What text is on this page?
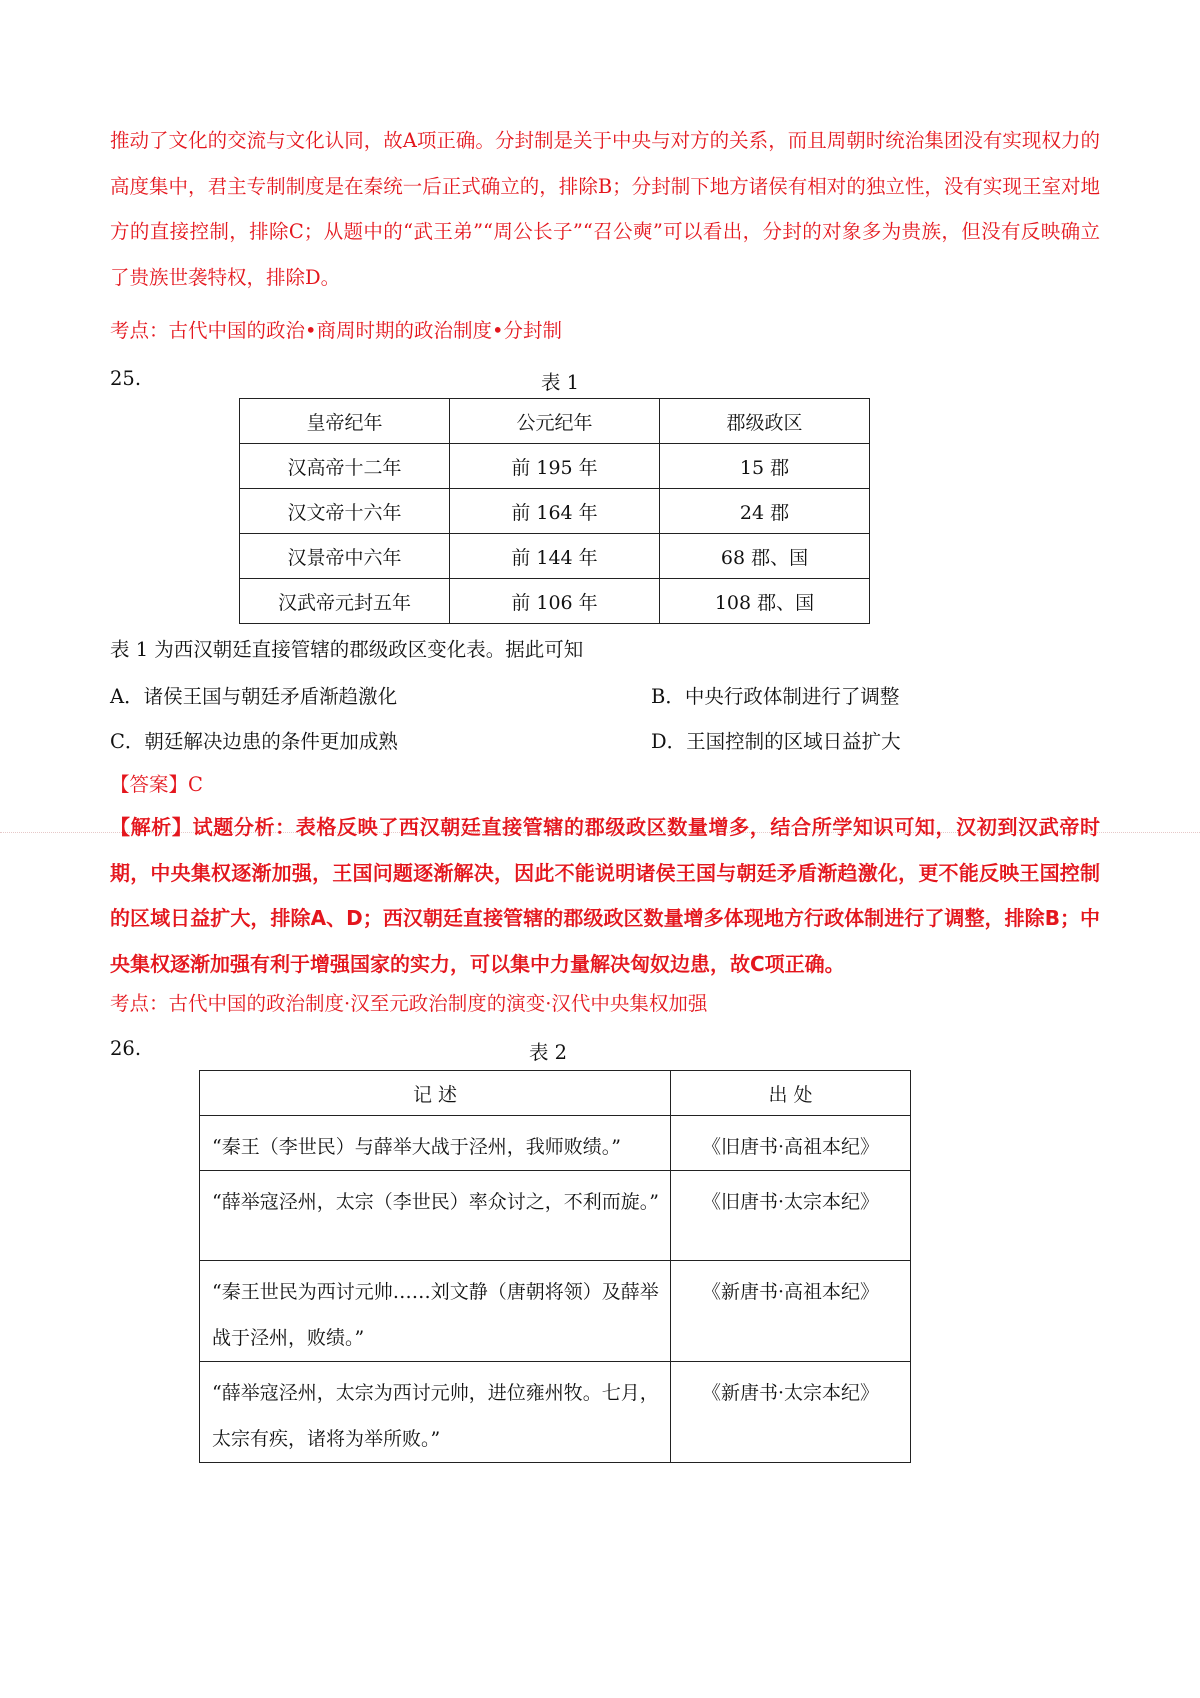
推动了文化的交流与文化认同，故A项正确。分封制是关于中央与对方的关系，而且周朝时统治集团没有实现权力的高度集中，君主专制制度是在秦统一后正式确立的，排除B；分封制下地方诸侯有相对的独立性，没有实现王室对地方的直接控制，排除C；从题中的“武王弟”“周公长子”“召公奭”可以看出，分封的对象多为贵族，但没有反映确立了贵族世袭特权，排除D。

考点：古代中国的政治•商周时期的政治制度•分封制
25.	表 1
皇帝纪年	公元纪年	郡级政区
汉高帝十二年	前 195 年	15 郡
汉文帝十六年	前 164 年	24 郡
汉景帝中六年	前 144 年	68 郡、国
汉武帝元封五年	前 106 年	108 郡、国
表 1 为西汉朝廷直接管辖的郡级政区变化表。据此可知
A．诸侯王国与朝廷矛盾渐趋激化	B．中央行政体制进行了调整
C．朝廷解决边患的条件更加成熟	D．王国控制的区域日益扩大
【答案】C

【解析】试题分析：表格反映了西汉朝廷直接管辖的郡级政区数量增多，结合所学知识可知，汉初到汉武帝时期，中央集权逐渐加强，王国问题逐渐解决，因此不能说明诸侯王国与朝廷矛盾渐趋激化，更不能反映王国控制的区域日益扩大，排除A、D；西汉朝廷直接管辖的郡级政区数量增多体现地方行政体制进行了调整，排除B；中央集权逐渐加强有利于增强国家的实力，可以集中力量解决匈奴边患，故C项正确。

考点：古代中国的政治制度·汉至元政治制度的演变·汉代中央集权加强
26.	表 2
记 述	出 处
“秦王（李世民）与薛举大战于泾州，我师败绩。”	《旧唐书·高祖本纪》
“薛举寇泾州，太宗（李世民）率众讨之，不利而旋。”	《旧唐书·太宗本纪》
“秦王世民为西讨元帅……刘文静（唐朝将领）及薛举战于泾州，败绩。”	《新唐书·高祖本纪》
“薛举寇泾州，太宗为西讨元帅，进位雍州牧。七月，太宗有疾，诸将为举所败。”	《新唐书·太宗本纪》
